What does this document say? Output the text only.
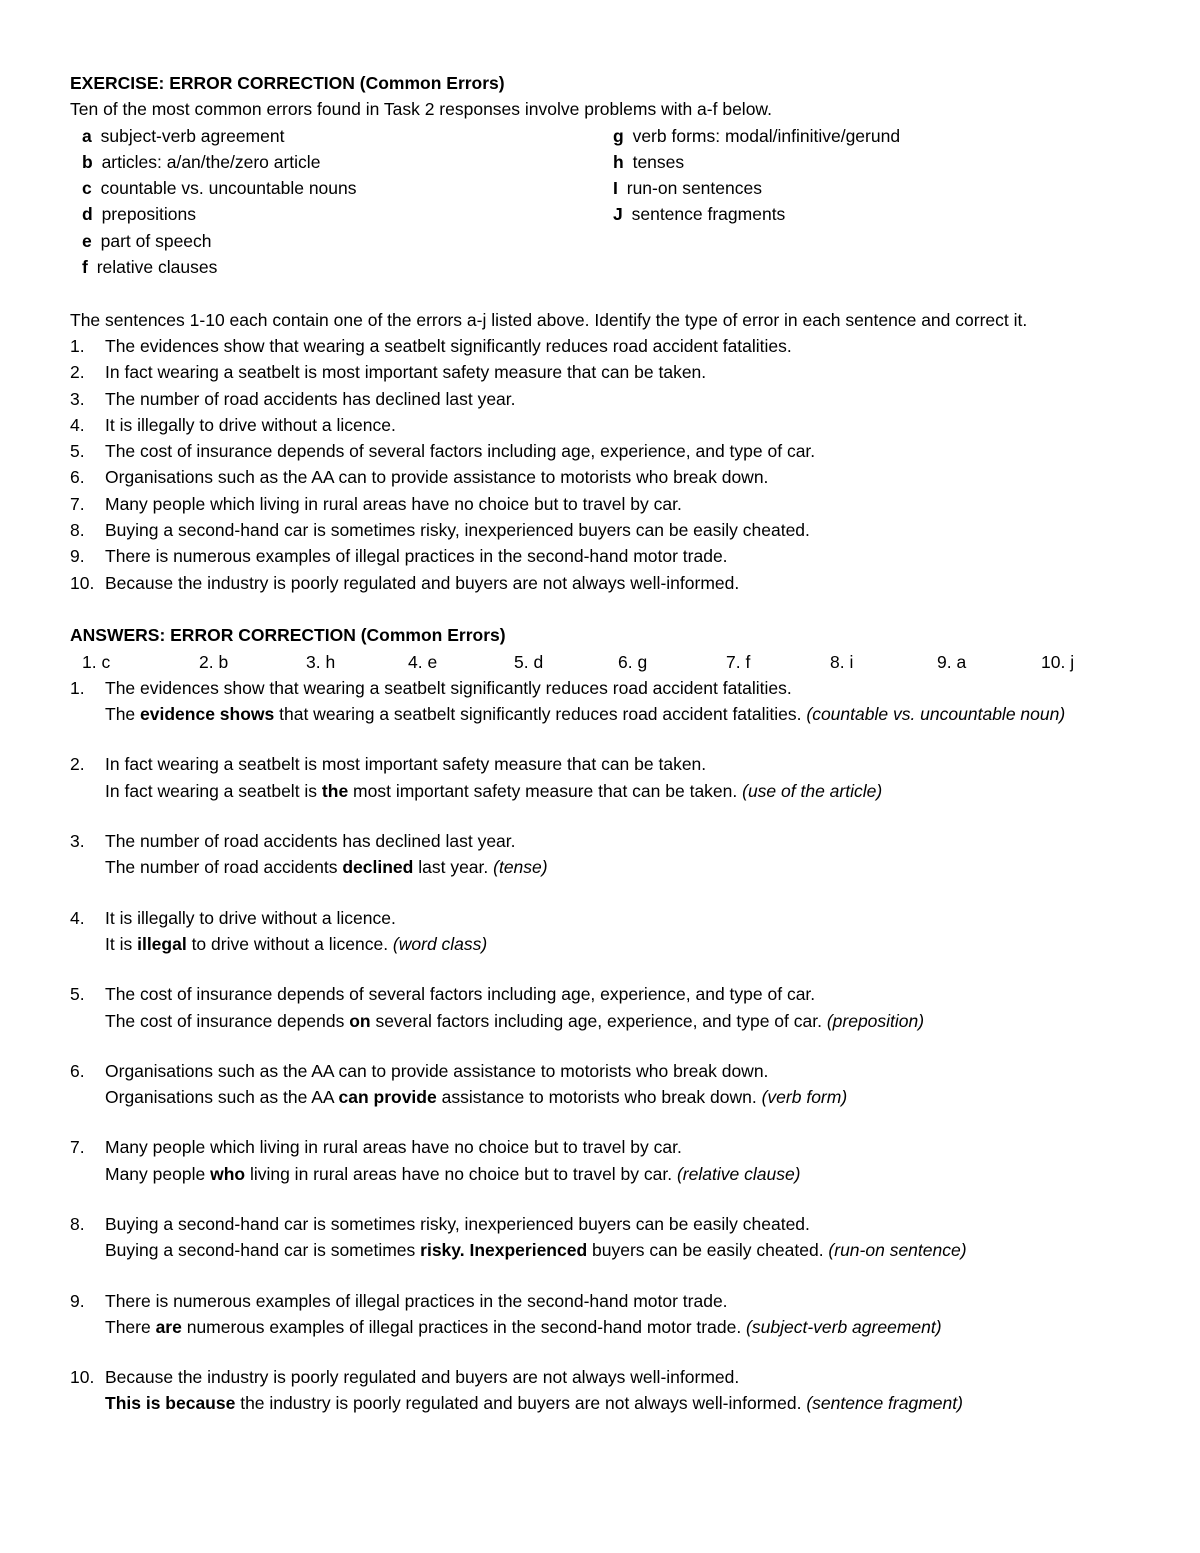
EXERCISE: ERROR CORRECTION (Common Errors)

Ten of the most common errors found in Task 2 responses involve problems with a-f below.

a subject-verb agreement	g verb forms: modal/infinitive/gerund
b articles: a/an/the/zero article	h tenses
c countable vs. uncountable nouns	I run-on sentences
d prepositions	J sentence fragments
e part of speech
f relative clauses

The sentences 1-10 each contain one of the errors a-j listed above. Identify the type of error in each sentence and correct it.

1.	The evidences show that wearing a seatbelt significantly reduces road accident fatalities.
2.	In fact wearing a seatbelt is most important safety measure that can be taken.
3.	The number of road accidents has declined last year.
4.	It is illegally to drive without a licence.
5.	The cost of insurance depends of several factors including age, experience, and type of car.
6.	Organisations such as the AA can to provide assistance to motorists who break down.
7.	Many people which living in rural areas have no choice but to travel by car.
8.	Buying a second-hand car is sometimes risky, inexperienced buyers can be easily cheated.
9.	There is numerous examples of illegal practices in the second-hand motor trade.
10. Because the industry is poorly regulated and buyers are not always well-informed.

ANSWERS: ERROR CORRECTION (Common Errors)

1. c	2. b	3. h	4. e	5. d	6. g	7. f	8. i	9. a	10. j
1.	The evidences show that wearing a seatbelt significantly reduces road accident fatalities.
The evidence shows that wearing a seatbelt significantly reduces road accident fatalities. (countable vs. uncountable noun)
2.	In fact wearing a seatbelt is most important safety measure that can be taken.
In fact wearing a seatbelt is the most important safety measure that can be taken. (use of the article)
3.	The number of road accidents has declined last year.
The number of road accidents declined last year. (tense)
4.	It is illegally to drive without a licence.
It is illegal to drive without a licence. (word class)
5.	The cost of insurance depends of several factors including age, experience, and type of car.
The cost of insurance depends on several factors including age, experience, and type of car. (preposition)
6.	Organisations such as the AA can to provide assistance to motorists who break down.
Organisations such as the AA can provide assistance to motorists who break down. (verb form)
7.	Many people which living in rural areas have no choice but to travel by car.
Many people who living in rural areas have no choice but to travel by car. (relative clause)
8.	Buying a second-hand car is sometimes risky, inexperienced buyers can be easily cheated.
Buying a second-hand car is sometimes risky. Inexperienced buyers can be easily cheated. (run-on sentence)
9.	There is numerous examples of illegal practices in the second-hand motor trade.
There are numerous examples of illegal practices in the second-hand motor trade. (subject-verb agreement)
10. Because the industry is poorly regulated and buyers are not always well-informed.
This is because the industry is poorly regulated and buyers are not always well-informed. (sentence fragment)
